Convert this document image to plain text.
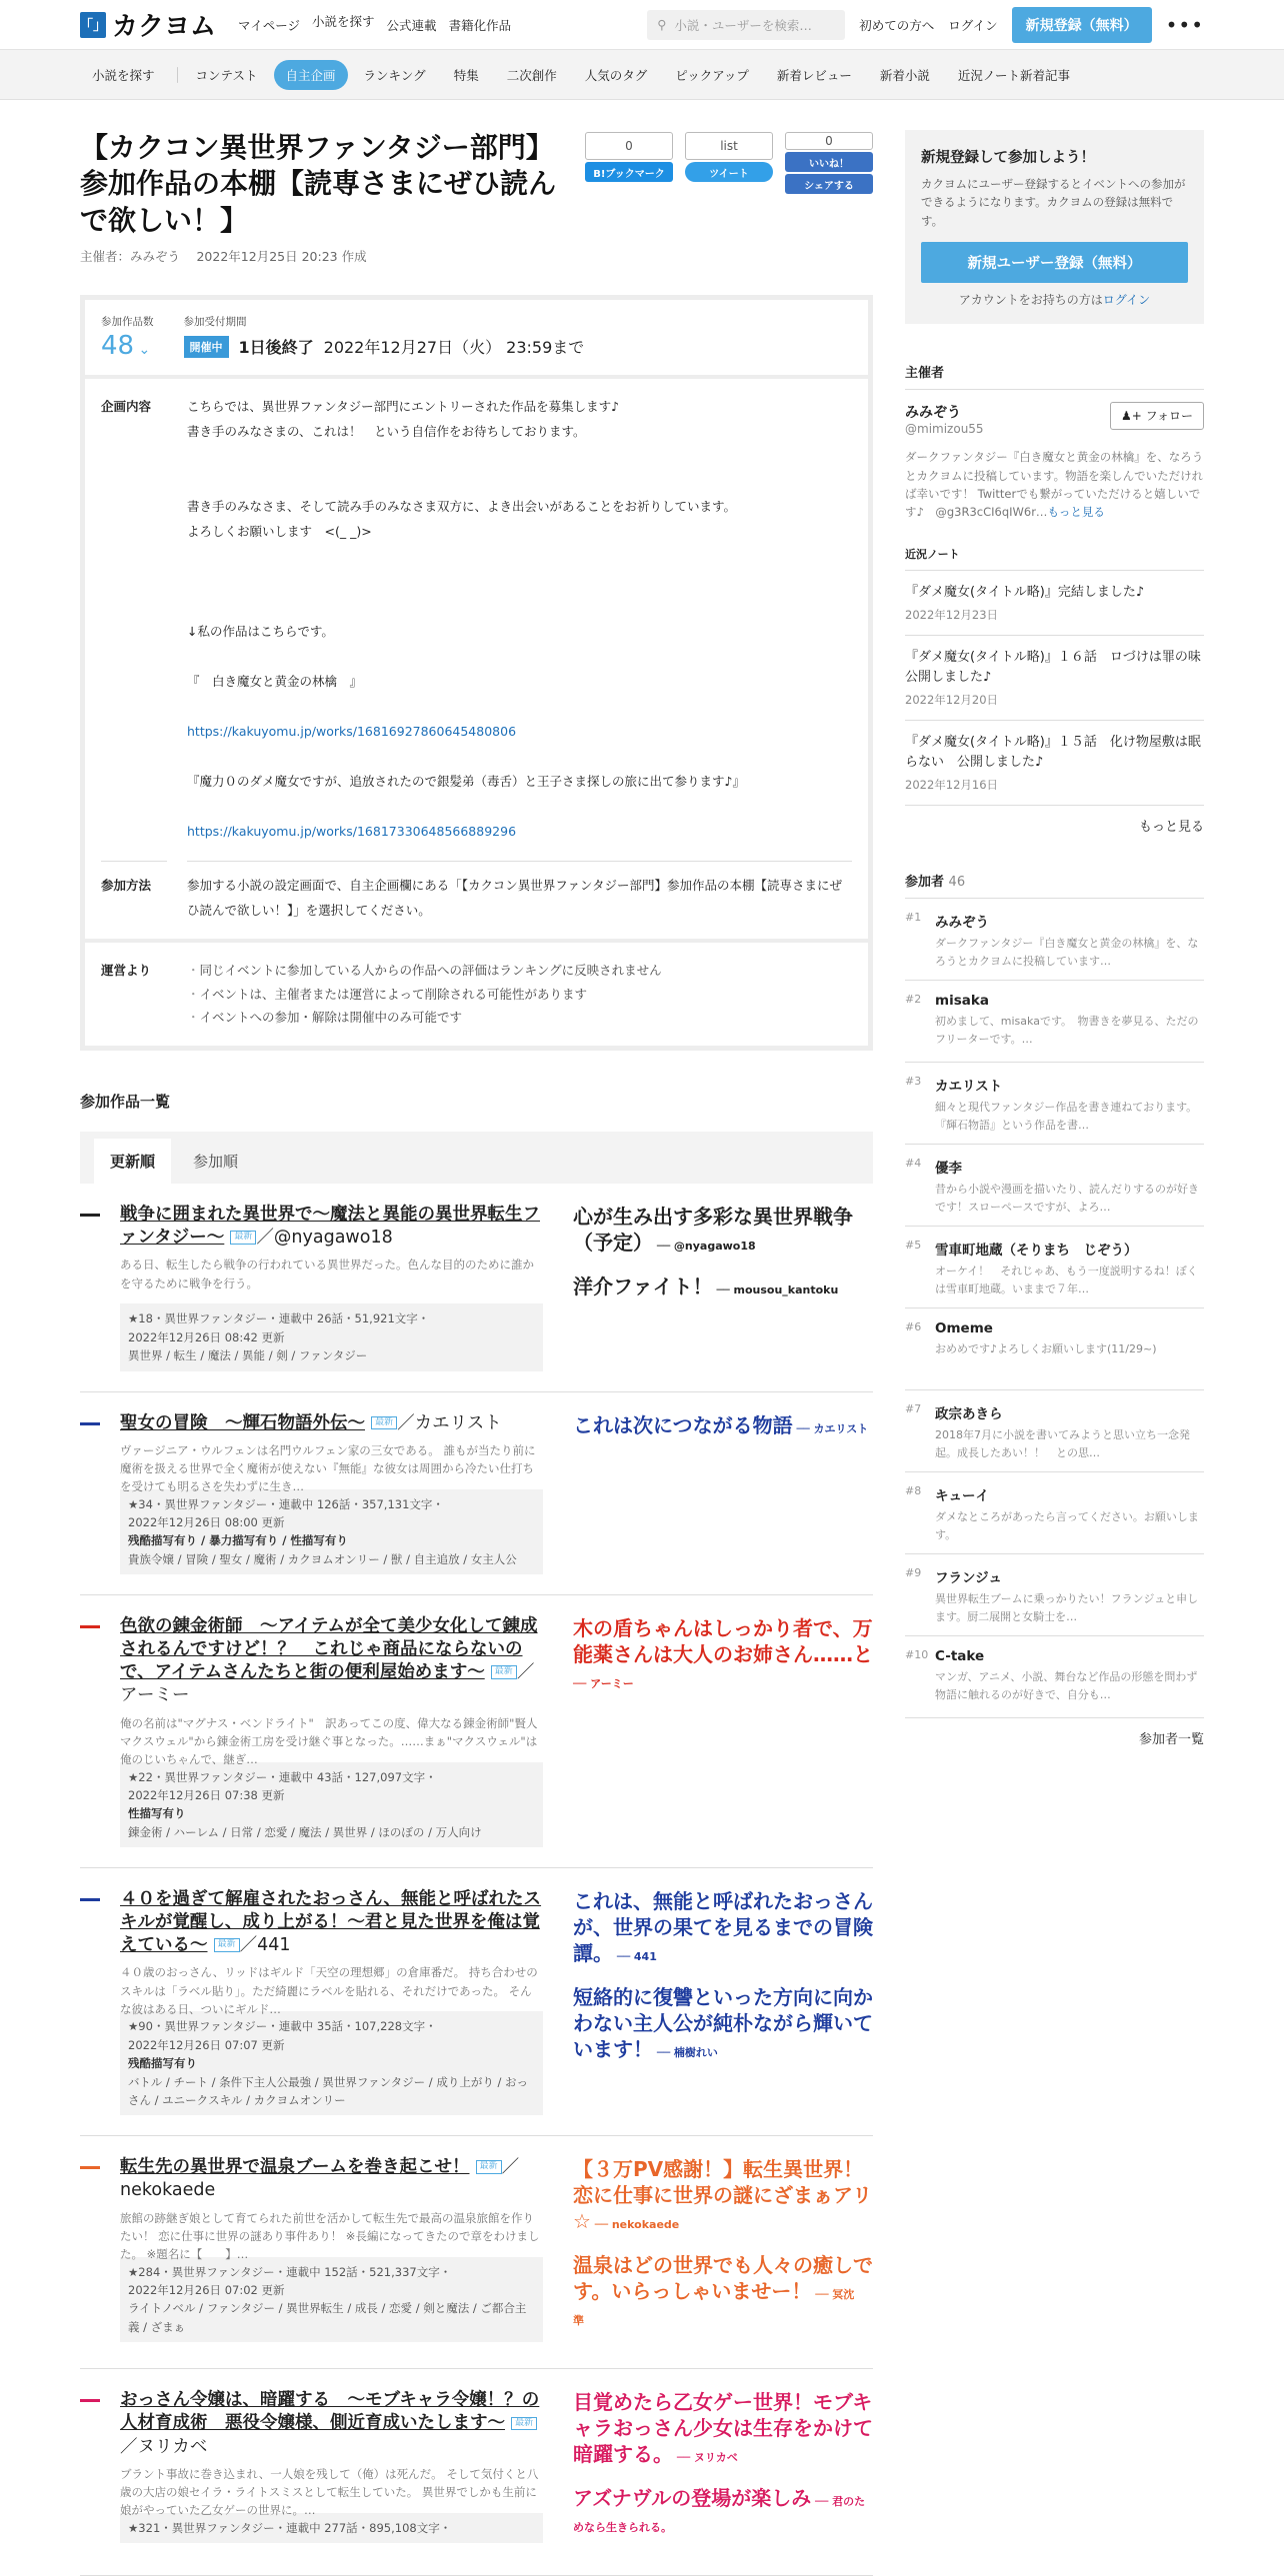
「」 カクヨム マイページ 小説を探す 公式連載 書籍化作品	⚲ 小説・ユーザーを検索…	初めての方へ ログイン	新規登録（無料）	•••
小説を探す	コンテスト	自主企画	ランキング	特集	二次創作	人気のタグ	ピックアップ	新着レビュー	新着小説	近況ノート新着記事
【カクコン異世界ファンタジー部門】参加作品の本棚【読専さまにぜひ読んで欲しい！】
主催者：みみぞう　 2022年12月25日 20:23 作成
0
B!ブックマーク
list
ツイート
0
いいね！
シェアする
参加作品数
48 ⌄
参加受付期間
開催中	1日後終了 2022年12月27日（火） 23:59まで
企画内容	こちらでは、異世界ファンタジー部門にエントリーされた作品を募集します♪

書き手のみなさまの、これは！　という自信作をお待ちしております。

書き手のみなさま、そして読み手のみなさま双方に、よき出会いがあることをお祈りしています。

よろしくお願いします　<(_ _)>

↓私の作品はこちらです。

『　白き魔女と黄金の林檎　』

https://kakuyomu.jp/works/16816927860645480806

『魔力０のダメ魔女ですが、追放されたので銀髪弟（毒舌）と王子さま探しの旅に出て参ります♪』

https://kakuyomu.jp/works/16817330648566889296

参加方法	参加する小説の設定画面で、自主企画欄にある「【カクコン異世界ファンタジー部門】参加作品の本棚【読専さまにぜひ読んで欲しい！】」を選択してください。
運営より
・	同じイベントに参加している人からの作品への評価はランキングに反映されません
・ イベントは、主催者または運営によって削除される可能性があります
・ イベントへの参加・解除は開催中のみ可能です
参加作品一覧
更新順	参加順
戦争に囲まれた異世界で〜魔法と異能の異世界転生ファンタジー〜 最新 ／@nyagawo18
ある日、転生したら戦争の行われている異世界だった。色んな目的のために誰かを守るために戦争を行う。
★18・異世界ファンタジー・連載中 26話・51,921文字・
2022年12月26日 08:42 更新
異世界 / 転生 / 魔法 / 異能 / 剣 / ファンタジー
心が生み出す多彩な異世界戦争（予定） ── @nyagawo18
洋介ファイト！ ── mousou_kantoku
聖女の冒険　～輝石物語外伝～ 最新 ／カエリスト
ヴァージニア・ウルフェンは名門ウルフェン家の三女である。 誰もが当たり前に魔術を扱える世界で全く魔術が使えない『無能』な彼女は周囲から冷たい仕打ちを受けても明るさを失わずに生き…
★34・異世界ファンタジー・連載中 126話・357,131文字・
2022年12月26日 08:00 更新
残酷描写有り / 暴力描写有り / 性描写有り
貴族令嬢 / 冒険 / 聖女 / 魔術 / カクヨムオンリー / 獣 / 自主追放 / 女主人公
これは次につながる物語 ── カエリスト
色欲の錬金術師　～アイテムが全て美少女化して錬成されるんですけど！？　これじゃ商品にならないので、アイテムさんたちと街の便利屋始めます～ 最新 ／アーミー
俺の名前は"マグナス・ベンドライト"　訳あってこの度、偉大なる錬金術師"賢人マクスウェル"から錬金術工房を受け継ぐ事となった。……まぁ"マクスウェル"は俺のじいちゃんで、継ぎ…
★22・異世界ファンタジー・連載中 43話・127,097文字・
2022年12月26日 07:38 更新
性描写有り
錬金術 / ハーレム / 日常 / 恋愛 / 魔法 / 異世界 / ほのぼの / 万人向け
木の盾ちゃんはしっかり者で、万能薬さんは大人のお姉さん……と ── アーミー
４０を過ぎて解雇されたおっさん、無能と呼ばれたスキルが覚醒し、成り上がる！〜君と見た世界を俺は覚えている〜 最新 ／441
４０歳のおっさん、リッドはギルド「天空の理想郷」の倉庫番だ。 持ち合わせのスキルは「ラベル貼り」。ただ綺麗にラベルを貼れる、それだけであった。 そんな彼はある日、ついにギルド…
★90・異世界ファンタジー・連載中 35話・107,228文字・
2022年12月26日 07:07 更新
残酷描写有り
バトル / チート / 条件下主人公最強 / 異世界ファンタジー / 成り上がり / おっさん / ユニークスキル / カクヨムオンリー
これは、無能と呼ばれたおっさんが、世界の果てを見るまでの冒険譚。 ── 441
短絡的に復讐といった方向に向かわない主人公が純朴ながら輝いています！ ── 楠樹れい
転生先の異世界で温泉ブームを巻き起こせ！ 最新 ／nekokaede
旅館の跡継ぎ娘として育てられた前世を活かして転生先で最高の温泉旅館を作りたい！ 恋に仕事に世界の謎あり事件あり！ ※長編になってきたので章をわけました。 ※題名に【　　】…
★284・異世界ファンタジー・連載中 152話・521,337文字・
2022年12月26日 07:02 更新
ライトノベル / ファンタジー / 異世界転生 / 成長 / 恋愛 / 剣と魔法 / ご都合主義 / ざまぁ
【３万PV感謝！】転生異世界！恋に仕事に世界の謎にざまぁアリ☆ ── nekokaede
温泉はどの世界でも人々の癒しです。いらっしゃいませー！ ── 冥沈　準
おっさん令嬢は、暗躍する　～モブキャラ令嬢！？の人材育成術　悪役令嬢様、側近育成いたします～ 最新／ヌリカベ
ブラント事故に巻き込まれ、一人娘を残して（俺）は死んだ。 そして気付くと八歳の大店の娘セイラ・ライトスミスとして転生していた。 異世界でしかも生前に娘がやっていた乙女ゲーの世界に。…
★321・異世界ファンタジー・連載中 277話・895,108文字・
目覚めたら乙女ゲー世界！モブキャラおっさん少女は生存をかけて暗躍する。 ── ヌリカベ
アズナヴルの登場が楽しみ ── 君のためなら生きられる。
新規登録して参加しよう！

カクヨムにユーザー登録するとイベントへの参加ができるようになります。カクヨムの登録は無料です。

新規ユーザー登録（無料）
アカウントをお持ちの方はログイン
主催者
みみぞう
@mimizou55
♟+ フォロー
ダークファンタジー『白き魔女と黄金の林檎』を、なろうとカクヨムに投稿しています。物語を楽しんでいただければ幸いです！ Twitterでも繋がっていただけると嬉しいです♪　@g3R3cCI6qIW6r…もっと見る
近況ノート
『ダメ魔女(タイトル略)』完結しました♪
2022年12月23日
『ダメ魔女(タイトル略)』１６話　ロづけは罪の味　公開しました♪
2022年12月20日
『ダメ魔女(タイトル略)』１５話　化け物屋敷は眠らない　公開しました♪
2022年12月16日
もっと見る
参加者 46
#1 みみぞう
ダークファンタジー『白き魔女と黄金の林檎』を、なろうとカクヨムに投稿しています…
#2 misaka
初めまして、misakaです。　物書きを夢見る、ただのフリーターです。…
#3 カエリスト
細々と現代ファンタジー作品を書き連ねております。『輝石物語』という作品を書…
#4 優李
昔から小説や漫画を描いたり、読んだりするのが好きです！スローペースですが、よろ…
#5 雪車町地蔵（そりまち　じぞう）
オーケイ！　それじゃあ、もう一度説明するね！ぼくは雪車町地蔵。いままで７年…
#6 Omeme
おめめです♪よろしくお願いします(11/29~)
#7 政宗あきら
2018年7月に小説を書いてみようと思い立ち一念発起。成長したあい！！　との思…
#8 キューイ
ダメなところがあったら言ってください。お願いします。
#9 フランジュ
異世界転生ブームに乗っかりたい！フランジュと申します。厨二展開と女騎士を…
#10 C-take
マンガ、アニメ、小説、舞台など作品の形態を問わず物語に触れるのが好きで、自分も…
参加者一覧
